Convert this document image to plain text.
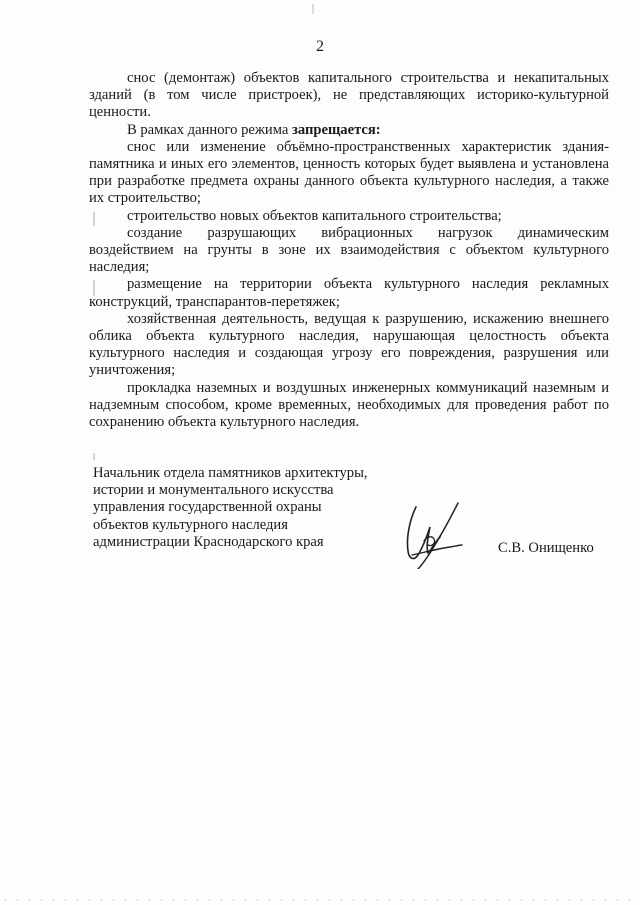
2

снос (демонтаж) объектов капитального строительства и некапитальных зданий (в том числе пристроек), не представляющих историко-культурной ценности.

В рамках данного режима запрещается:

снос или изменение объёмно-пространственных характеристик здания-памятника и иных его элементов, ценность которых будет выявлена и установлена при разработке предмета охраны данного объекта культурного наследия, а также их строительство;

строительство новых объектов капитального строительства;

создание разрушающих вибрационных нагрузок динамическим воздействием на грунты в зоне их взаимодействия с объектом культурного наследия;

размещение на территории объекта культурного наследия рекламных конструкций, транспарантов-перетяжек;

хозяйственная деятельность, ведущая к разрушению, искажению внешнего облика объекта культурного наследия, нарушающая целостность объекта культурного наследия и создающая угрозу его повреждения, разрушения или уничтожения;

прокладка наземных и воздушных инженерных коммуникаций наземным и надземным способом, кроме временных, необходимых для проведения работ по сохранению объекта культурного наследия.

Начальник отдела памятников архитектуры,
истории и монументального искусства
управления государственной охраны
объектов культурного наследия
администрации Краснодарского края	С.В. Онищенко
